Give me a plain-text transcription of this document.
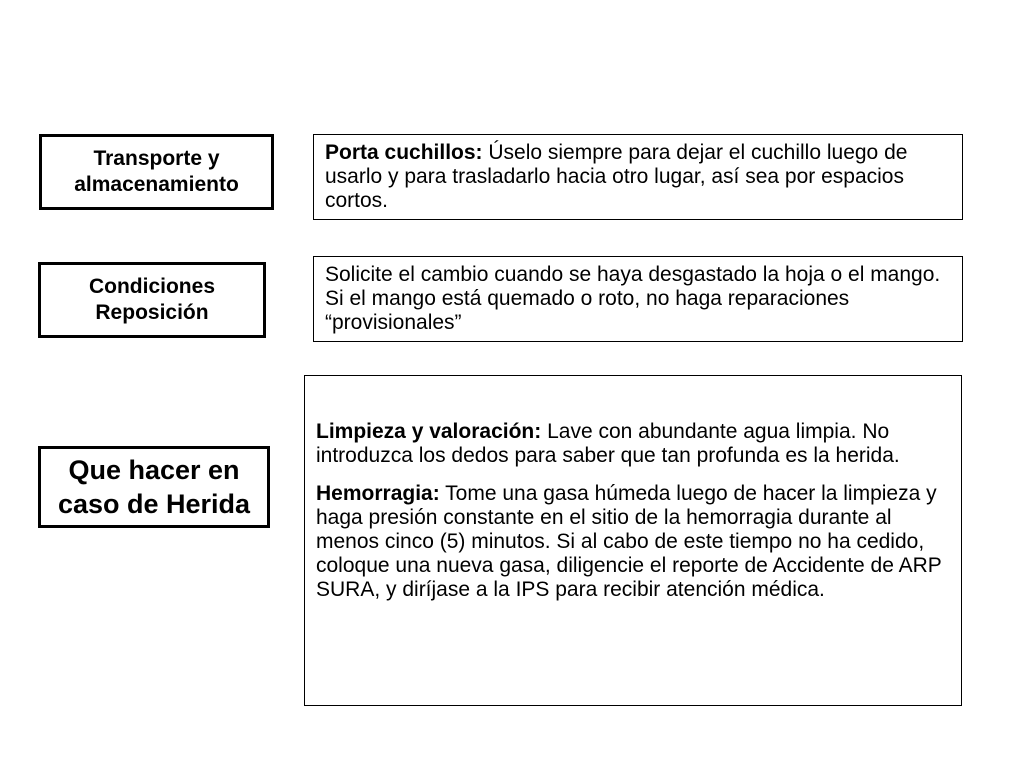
Transporte y
almacenamiento
Porta cuchillos: Úselo siempre para dejar el cuchillo luego de usarlo y para trasladarlo hacia otro lugar, así sea por espacios cortos.
Condiciones
Reposición
Solicite el cambio cuando se haya desgastado la hoja o el mango. Si el mango está quemado o roto, no haga reparaciones “provisionales”
Que hacer en
caso de Herida

Limpieza y valoración: Lave con abundante agua limpia. No introduzca los dedos para saber que tan profunda es la herida.

Hemorragia: Tome una gasa húmeda luego de hacer la limpieza y haga presión constante en el sitio de la hemorragia durante al menos cinco (5) minutos. Si al cabo de este tiempo no ha cedido, coloque una nueva gasa, diligencie el reporte de Accidente de ARP SURA, y diríjase a la IPS para recibir atención médica.
